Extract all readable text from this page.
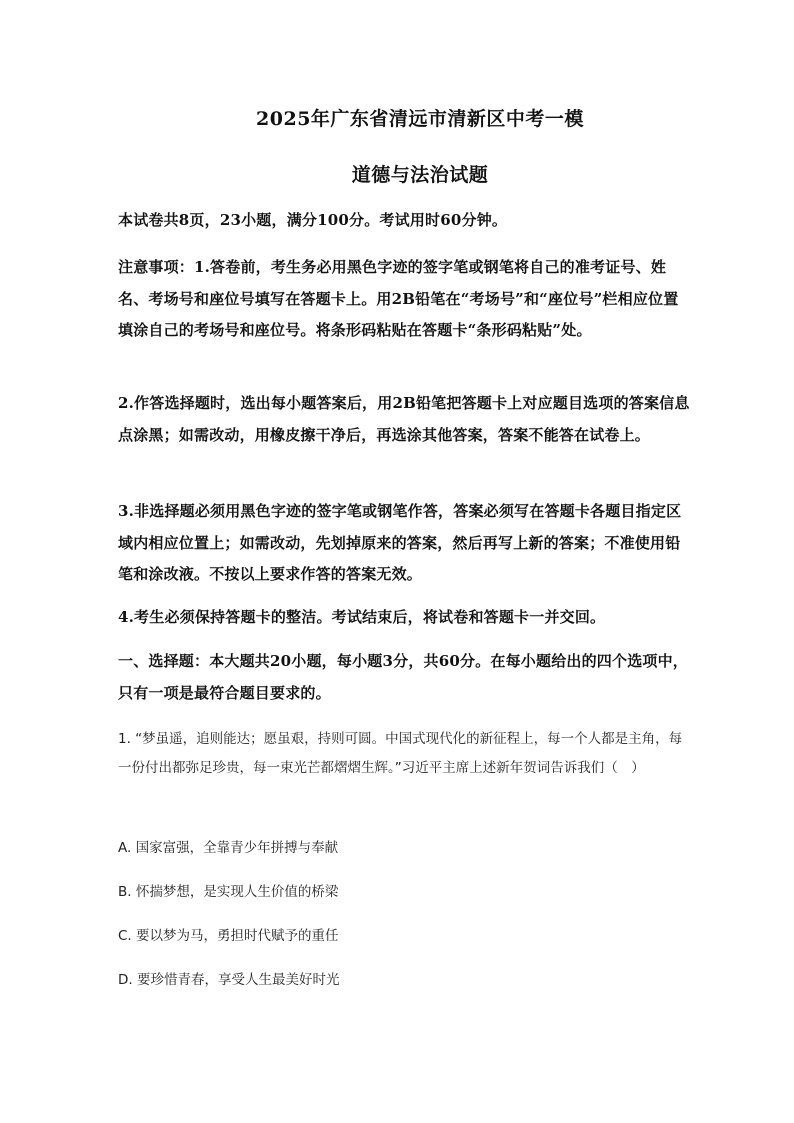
2025年广东省清远市清新区中考一模
道德与法治试题
本试卷共8页，23小题，满分100分。考试用时60分钟。
注意事项：1.答卷前，考生务必用黑色字迹的签字笔或钢笔将自己的准考证号、姓名、考场号和座位号填写在答题卡上。用2B铅笔在“考场号”和“座位号”栏相应位置填涂自己的考场号和座位号。将条形码粘贴在答题卡“条形码粘贴”处。
2.作答选择题时，选出每小题答案后，用2B铅笔把答题卡上对应题目选项的答案信息点涂黑；如需改动，用橡皮擦干净后，再选涂其他答案，答案不能答在试卷上。
3.非选择题必须用黑色字迹的签字笔或钢笔作答，答案必须写在答题卡各题目指定区域内相应位置上；如需改动，先划掉原来的答案，然后再写上新的答案；不准使用铅笔和涂改液。不按以上要求作答的答案无效。
4.考生必须保持答题卡的整洁。考试结束后，将试卷和答题卡一并交回。
一、选择题：本大题共20小题，每小题3分，共60分。在每小题给出的四个选项中，只有一项是最符合题目要求的。
1. “梦虽遥，追则能达；愿虽艰，持则可圆。中国式现代化的新征程上，每一个人都是主角，每一份付出都弥足珍贵，每一束光芒都熠熠生辉。”习近平主席上述新年贺词告诉我们（　）
A. 国家富强，全靠青少年拼搏与奉献
B. 怀揣梦想，是实现人生价值的桥梁
C. 要以梦为马，勇担时代赋予的重任
D. 要珍惜青春，享受人生最美好时光
